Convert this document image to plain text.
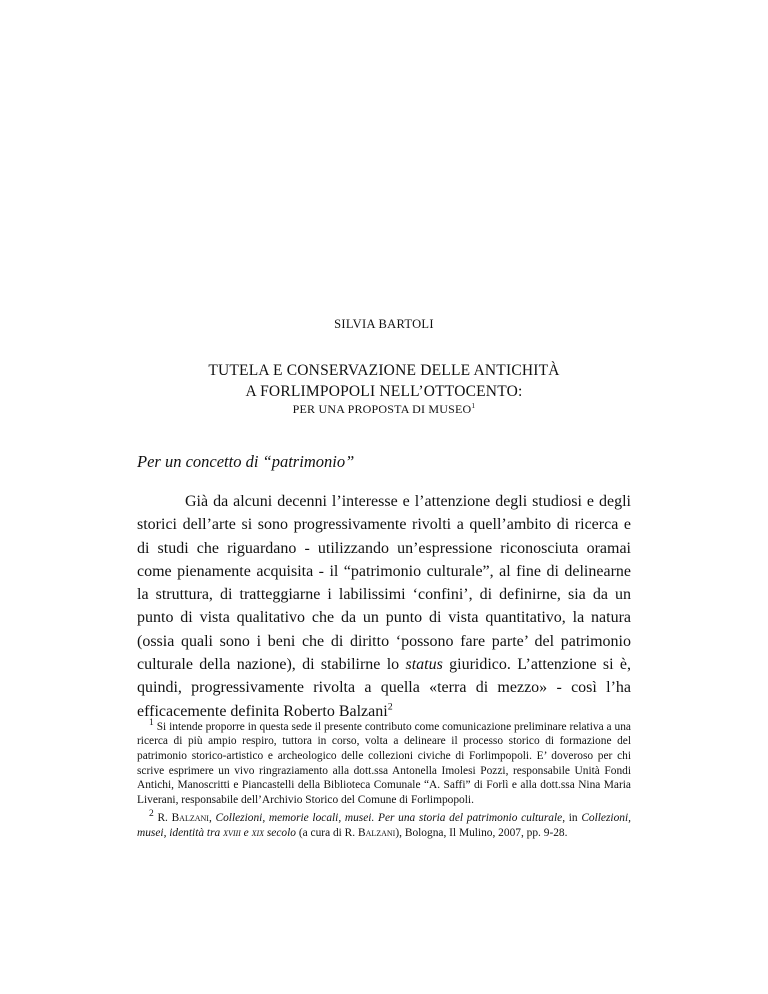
SILVIA BARTOLI
TUTELA E CONSERVAZIONE DELLE ANTICHITÀ
A FORLIMPOPOLI NELL’OTTOCENTO:
PER UNA PROPOSTA DI MUSEO$^1$
Per un concetto di “patrimonio”

Già da alcuni decenni l’interesse e l’attenzione degli studiosi e degli storici dell’arte si sono progressivamente rivolti a quell’ambito di ricerca e di studi che riguardano - utilizzando un’espressione riconosciuta oramai come pienamente acquisita - il “patrimonio culturale”, al fine di delinearne la struttura, di tratteggiarne i labilissimi ‘confini’, di definirne, sia da un punto di vista qualitativo che da un punto di vista quantitativo, la natura (ossia quali sono i beni che di diritto ‘possono fare parte’ del patrimonio culturale della nazione), di stabilirne lo status giuridico. L’attenzione si è, quindi, progressivamente rivolta a quella «terra di mezzo» - così l’ha efficacemente definita Roberto Balzani$^2$

$^1$ Si intende proporre in questa sede il presente contributo come comunicazione preliminare relativa a una ricerca di più ampio respiro, tuttora in corso, volta a delineare il processo storico di formazione del patrimonio storico-artistico e archeologico delle collezioni civiche di Forlimpopoli. E’ doveroso per chi scrive esprimere un vivo ringraziamento alla dott.ssa Antonella Imolesi Pozzi, responsabile Unità Fondi Antichi, Manoscritti e Piancastelli della Biblioteca Comunale “A. Saffi” di Forlì e alla dott.ssa Nina Maria Liverani, responsabile dell’Archivio Storico del Comune di Forlimpopoli.

$^2$ R. Balzani, Collezioni, memorie locali, musei. Per una storia del patrimonio culturale, in Collezioni, musei, identità tra xviii e xix secolo (a cura di R. Balzani), Bologna, Il Mulino, 2007, pp. 9-28.
